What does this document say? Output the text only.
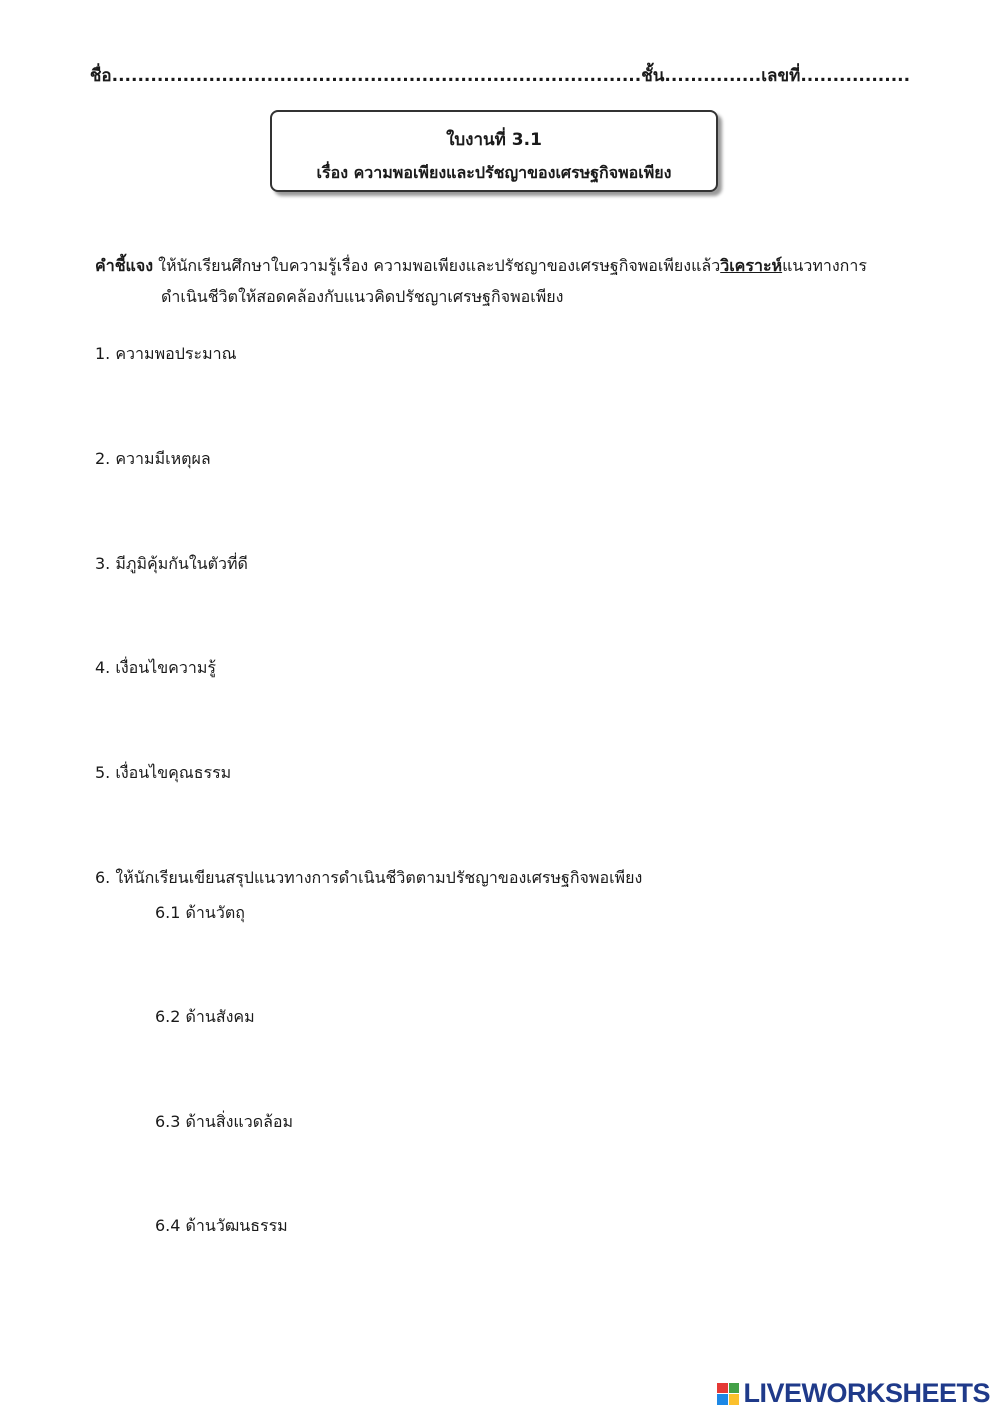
ชื่อ..................................................................................ชั้น...............เลขที่.................
ใบงานที่ 3.1
เรื่อง ความพอเพียงและปรัชญาของเศรษฐกิจพอเพียง
คำชี้แจง ให้นักเรียนศึกษาใบความรู้เรื่อง ความพอเพียงและปรัชญาของเศรษฐกิจพอเพียงแล้ววิเคราะห์แนวทางการ
ดำเนินชีวิตให้สอดคล้องกับแนวคิดปรัชญาเศรษฐกิจพอเพียง
1. ความพอประมาณ
2. ความมีเหตุผล
3. มีภูมิคุ้มกันในตัวที่ดี
4. เงื่อนไขความรู้
5. เงื่อนไขคุณธรรม
6. ให้นักเรียนเขียนสรุปแนวทางการดำเนินชีวิตตามปรัชญาของเศรษฐกิจพอเพียง
6.1 ด้านวัตถุ
6.2 ด้านสังคม
6.3 ด้านสิ่งแวดล้อม
6.4 ด้านวัฒนธรรม
LIVEWORKSHEETS
